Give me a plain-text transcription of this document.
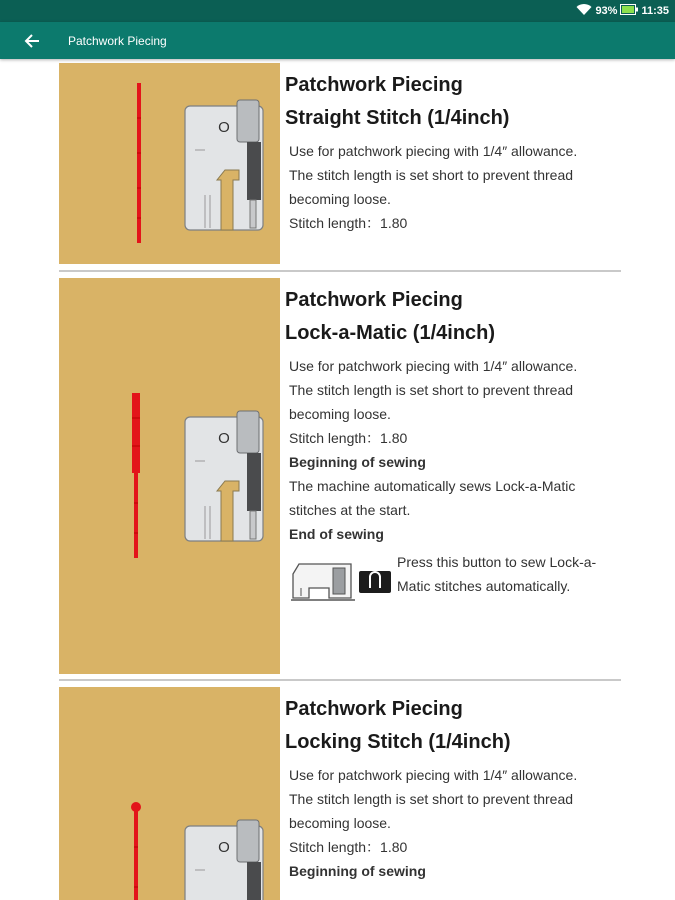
93% 11:35
Patchwork Piecing
O

Patchwork Piecing

Straight Stitch (1/4inch)

Use for patchwork piecing with 1/4″ allowance.

The stitch length is set short to prevent thread becoming loose.

Stitch length：1.80

O

Patchwork Piecing

Lock-a-Matic (1/4inch)

Use for patchwork piecing with 1/4″ allowance.

The stitch length is set short to prevent thread becoming loose.

Stitch length：1.80

Beginning of sewing

The machine automatically sews Lock-a-Matic stitches at the start.

End of sewing

Press this button to sew Lock-a-Matic stitches automatically.

O

Patchwork Piecing

Locking Stitch (1/4inch)

Use for patchwork piecing with 1/4″ allowance.

The stitch length is set short to prevent thread becoming loose.

Stitch length：1.80

Beginning of sewing
